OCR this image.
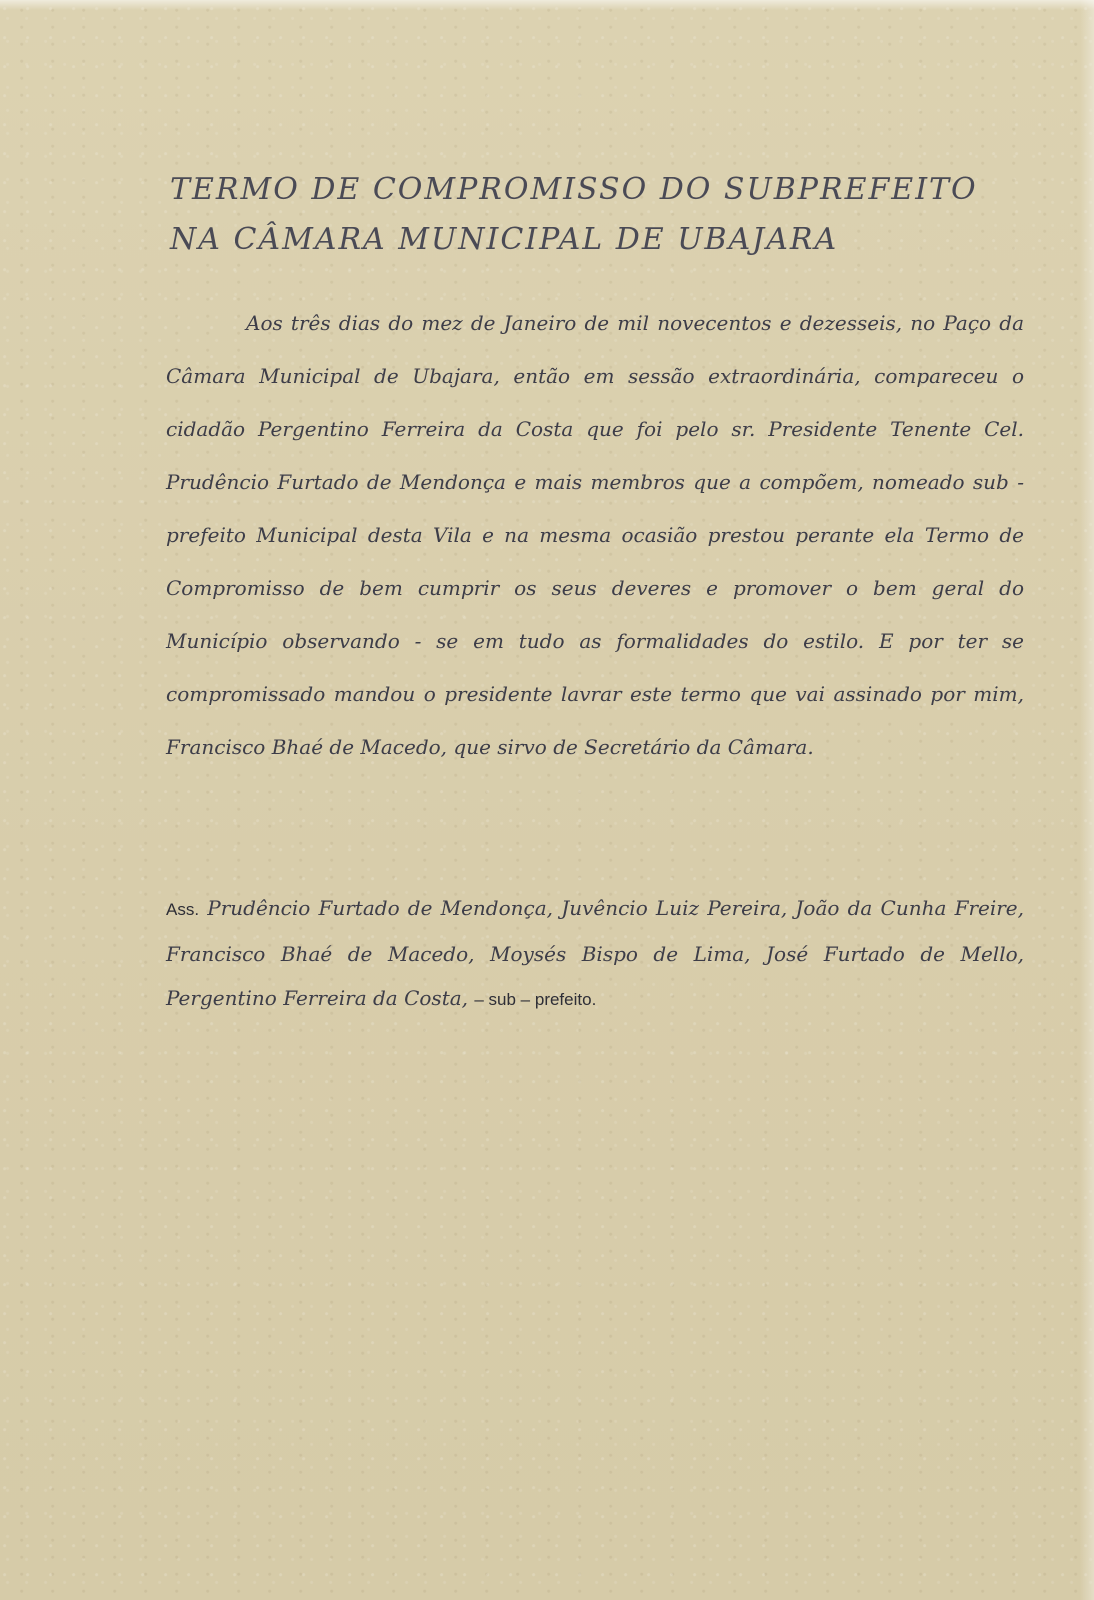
TERMO DE COMPROMISSO DO SUBPREFEITO
NA CÂMARA MUNICIPAL DE UBAJARA

Aos três dias do mez de Janeiro de mil novecentos e dezesseis, no Paço da Câmara Municipal de Ubajara, então em sessão extraordinária, compareceu o cidadão Pergentino Ferreira da Costa que foi pelo sr. Presidente Tenente Cel. Prudêncio Furtado de Mendonça e mais membros que a compõem, nomeado sub - prefeito Municipal desta Vila e na mesma ocasião prestou perante ela Termo de Compromisso de bem cumprir os seus deveres e promover o bem geral do Município observando - se em tudo as formalidades do estilo. E por ter se compromissado mandou o presidente lavrar este termo que vai assinado por mim, Francisco Bhaé de Macedo, que sirvo de Secretário da Câmara.

Ass. Prudêncio Furtado de Mendonça, Juvêncio Luiz Pereira, João da Cunha Freire, Francisco Bhaé de Macedo, Moysés Bispo de Lima, José Furtado de Mello, Pergentino Ferreira da Costa, – sub – prefeito.
